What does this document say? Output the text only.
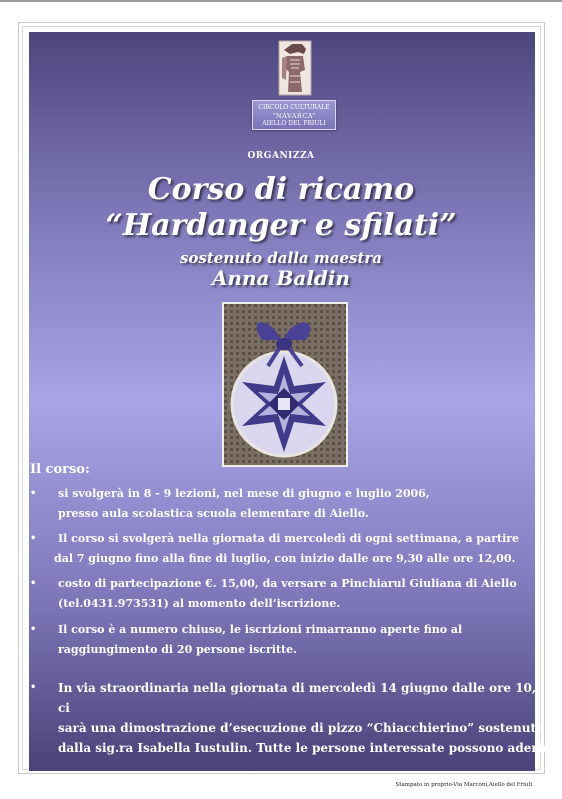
CIRCOLO CULTURALE
“NAVARCA”
AIELLO DEL FRIULI
ORGANIZZA
Corso di ricamo
“Hardanger e sfilati”
sostenuto dalla maestra
Anna Baldin
Il corso:
• si svolgerà in 8 - 9 lezioni, nel mese di giugno e luglio 2006,
presso aula scolastica scuola elementare di Aiello.
• Il corso si svolgerà nella giornata di mercoledì di ogni settimana, a partire
dal 7 giugno fino alla fine di luglio, con inizio dalle ore 9,30 alle ore 12,00.
• costo di partecipazione €. 15,00, da versare a Pinchiarul Giuliana di Aiello
(tel.0431.973531) al momento dell’iscrizione.
• Il corso è a numero chiuso, le iscrizioni rimarranno aperte fino al
raggiungimento di 20 persone iscritte.
• In via straordinaria nella giornata di mercoledì 14 giugno dalle ore 10,00 ci
sarà una dimostrazione d’esecuzione di pizzo “Chiacchierino” sostenuta
dalla sig.ra Isabella Iustulin. Tutte le persone interessate possono aderire
Stampato in proprio-Via Marconi,Aiello del Friuli
